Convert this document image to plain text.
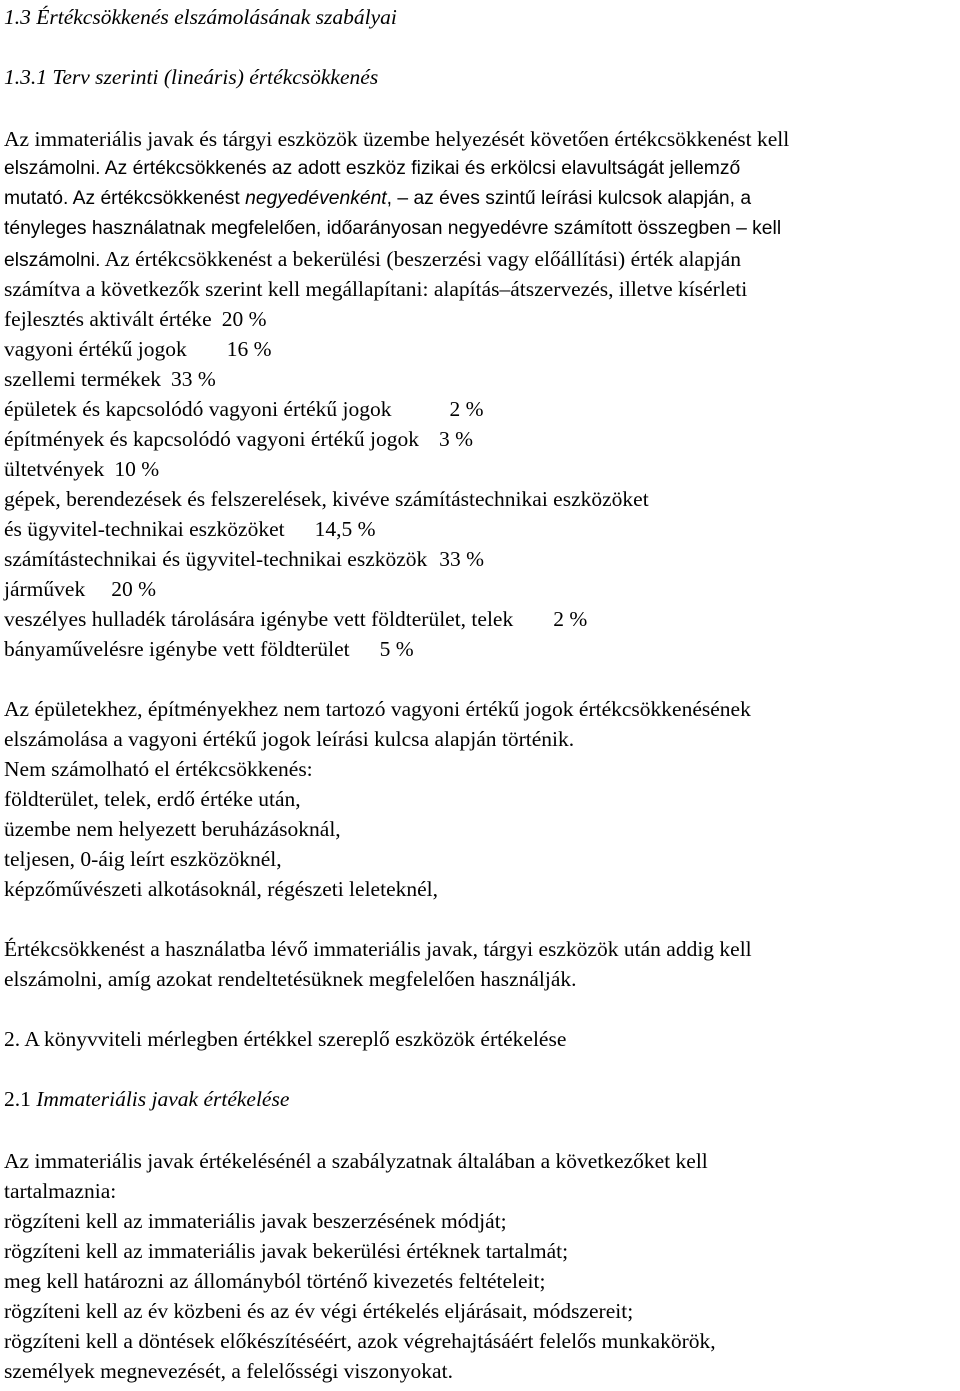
1.3 Értékcsökkenés elszámolásának szabályai
1.3.1 Terv szerinti (lineáris) értékcsökkenés
Az immateriális javak és tárgyi eszközök üzembe helyezését követően értékcsökkenést kell
elszámolni. Az értékcsökkenés az adott eszköz fizikai és erkölcsi elavultságát jellemző
mutató. Az értékcsökkenést negyedévenként, – az éves szintű leírási kulcsok alapján, a
tényleges használatnak megfelelően, időarányosan negyedévre számított összegben – kell
elszámolni. Az értékcsökkenést a bekerülési (beszerzési vagy előállítási) érték alapján
számítva a következők szerint kell megállapítani: alapítás–átszervezés, illetve kísérleti
fejlesztés aktivált értéke 20 %
vagyoni értékű jogok 16 %
szellemi termékek 33 %
épületek és kapcsolódó vagyoni értékű jogok	2 %
építmények és kapcsolódó vagyoni értékű jogok 3 %
ültetvények 10 %
gépek, berendezések és felszerelések, kivéve számítástechnikai eszközöket
és ügyvitel-technikai eszközöket 14,5 %
számítástechnikai és ügyvitel-technikai eszközök 33 %
járművek 20 %
veszélyes hulladék tárolására igénybe vett földterület, telek 2 %
bányaművelésre igénybe vett földterület 5 %
Az épületekhez, építményekhez nem tartozó vagyoni értékű jogok értékcsökkenésének
elszámolása a vagyoni értékű jogok leírási kulcsa alapján történik.
Nem számolható el értékcsökkenés:
földterület, telek, erdő értéke után,
üzembe nem helyezett beruházásoknál,
teljesen, 0-áig leírt eszközöknél,
képzőművészeti alkotásoknál, régészeti leleteknél,
Értékcsökkenést a használatba lévő immateriális javak, tárgyi eszközök után addig kell
elszámolni, amíg azokat rendeltetésüknek megfelelően használják.
2. A könyvviteli mérlegben értékkel szereplő eszközök értékelése
2.1 Immateriális javak értékelése
Az immateriális javak értékelésénél a szabályzatnak általában a következőket kell
tartalmaznia:
rögzíteni kell az immateriális javak beszerzésének módját;
rögzíteni kell az immateriális javak bekerülési értéknek tartalmát;
meg kell határozni az állományból történő kivezetés feltételeit;
rögzíteni kell az év közbeni és az év végi értékelés eljárásait, módszereit;
rögzíteni kell a döntések előkészítéséért, azok végrehajtásáért felelős munkakörök,
személyek megnevezését, a felelősségi viszonyokat.
